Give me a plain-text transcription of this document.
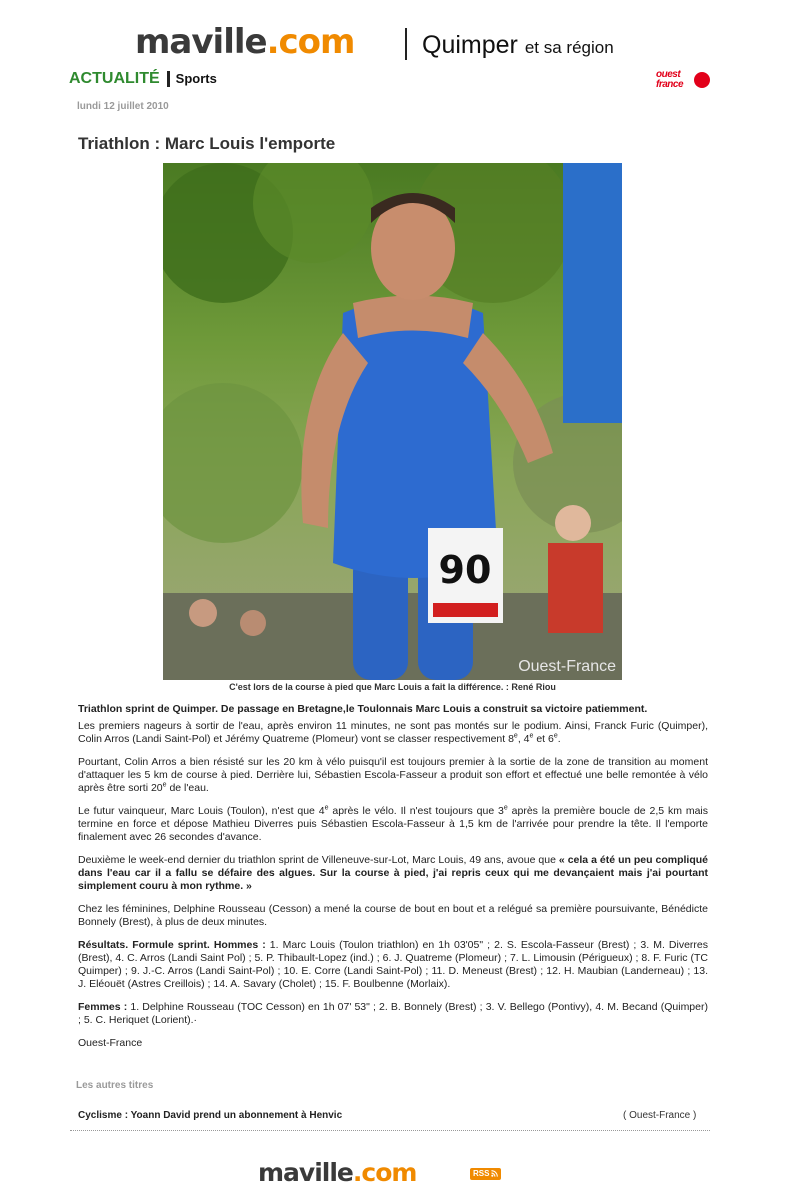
maville.com	Quimper et sa région
ACTUALITÉ Sports	ouest
france
lundi 12 juillet 2010
Triathlon : Marc Louis l'emporte
90
Ouest-France
C'est lors de la course à pied que Marc Louis a fait la différence. : René Riou

Triathlon sprint de Quimper. De passage en Bretagne,le Toulonnais Marc Louis a construit sa victoire patiemment.

Les premiers nageurs à sortir de l'eau, après environ 11 minutes, ne sont pas montés sur le podium. Ainsi, Franck Furic (Quimper), Colin Arros (Landi Saint-Pol) et Jérémy Quatreme (Plomeur) vont se classer respectivement 8e, 4e et 6e.

Pourtant, Colin Arros a bien résisté sur les 20 km à vélo puisqu'il est toujours premier à la sortie de la zone de transition au moment d'attaquer les 5 km de course à pied. Derrière lui, Sébastien Escola-Fasseur a produit son effort et effectué une belle remontée à vélo après être sorti 20e de l'eau.

Le futur vainqueur, Marc Louis (Toulon), n'est que 4e après le vélo. Il n'est toujours que 3e après la première boucle de 2,5 km mais termine en force et dépose Mathieu Diverres puis Sébastien Escola-Fasseur à 1,5 km de l'arrivée pour prendre la tête. Il l'emporte finalement avec 26 secondes d'avance.

Deuxième le week-end dernier du triathlon sprint de Villeneuve-sur-Lot, Marc Louis, 49 ans, avoue que « cela a été un peu compliqué dans l'eau car il a fallu se défaire des algues. Sur la course à pied, j'ai repris ceux qui me devançaient mais j'ai pourtant simplement couru à mon rythme. »

Chez les féminines, Delphine Rousseau (Cesson) a mené la course de bout en bout et a relégué sa première poursuivante, Bénédicte Bonnely (Brest), à plus de deux minutes.

Résultats. Formule sprint. Hommes : 1. Marc Louis (Toulon triathlon) en 1h 03'05" ; 2. S. Escola-Fasseur (Brest) ; 3. M. Diverres (Brest), 4. C. Arros (Landi Saint Pol) ; 5. P. Thibault-Lopez (ind.) ; 6. J. Quatreme (Plomeur) ; 7. L. Limousin (Périgueux) ; 8. F. Furic (TC Quimper) ; 9. J.-C. Arros (Landi Saint-Pol) ; 10. E. Corre (Landi Saint-Pol) ; 11. D. Meneust (Brest) ; 12. H. Maubian (Landerneau) ; 13. J. Eléouët (Astres Creillois) ; 14. A. Savary (Cholet) ; 15. F. Boulbenne (Morlaix).

Femmes : 1. Delphine Rousseau (TOC Cesson) en 1h 07' 53" ; 2. B. Bonnely (Brest) ; 3. V. Bellego (Pontivy), 4. M. Becand (Quimper) ; 5. C. Heriquet (Lorient).·

Ouest-France

Les autres titres
Cyclisme : Yoann David prend un abonnement à Henvic	( Ouest-France )
maville.com	RSS
